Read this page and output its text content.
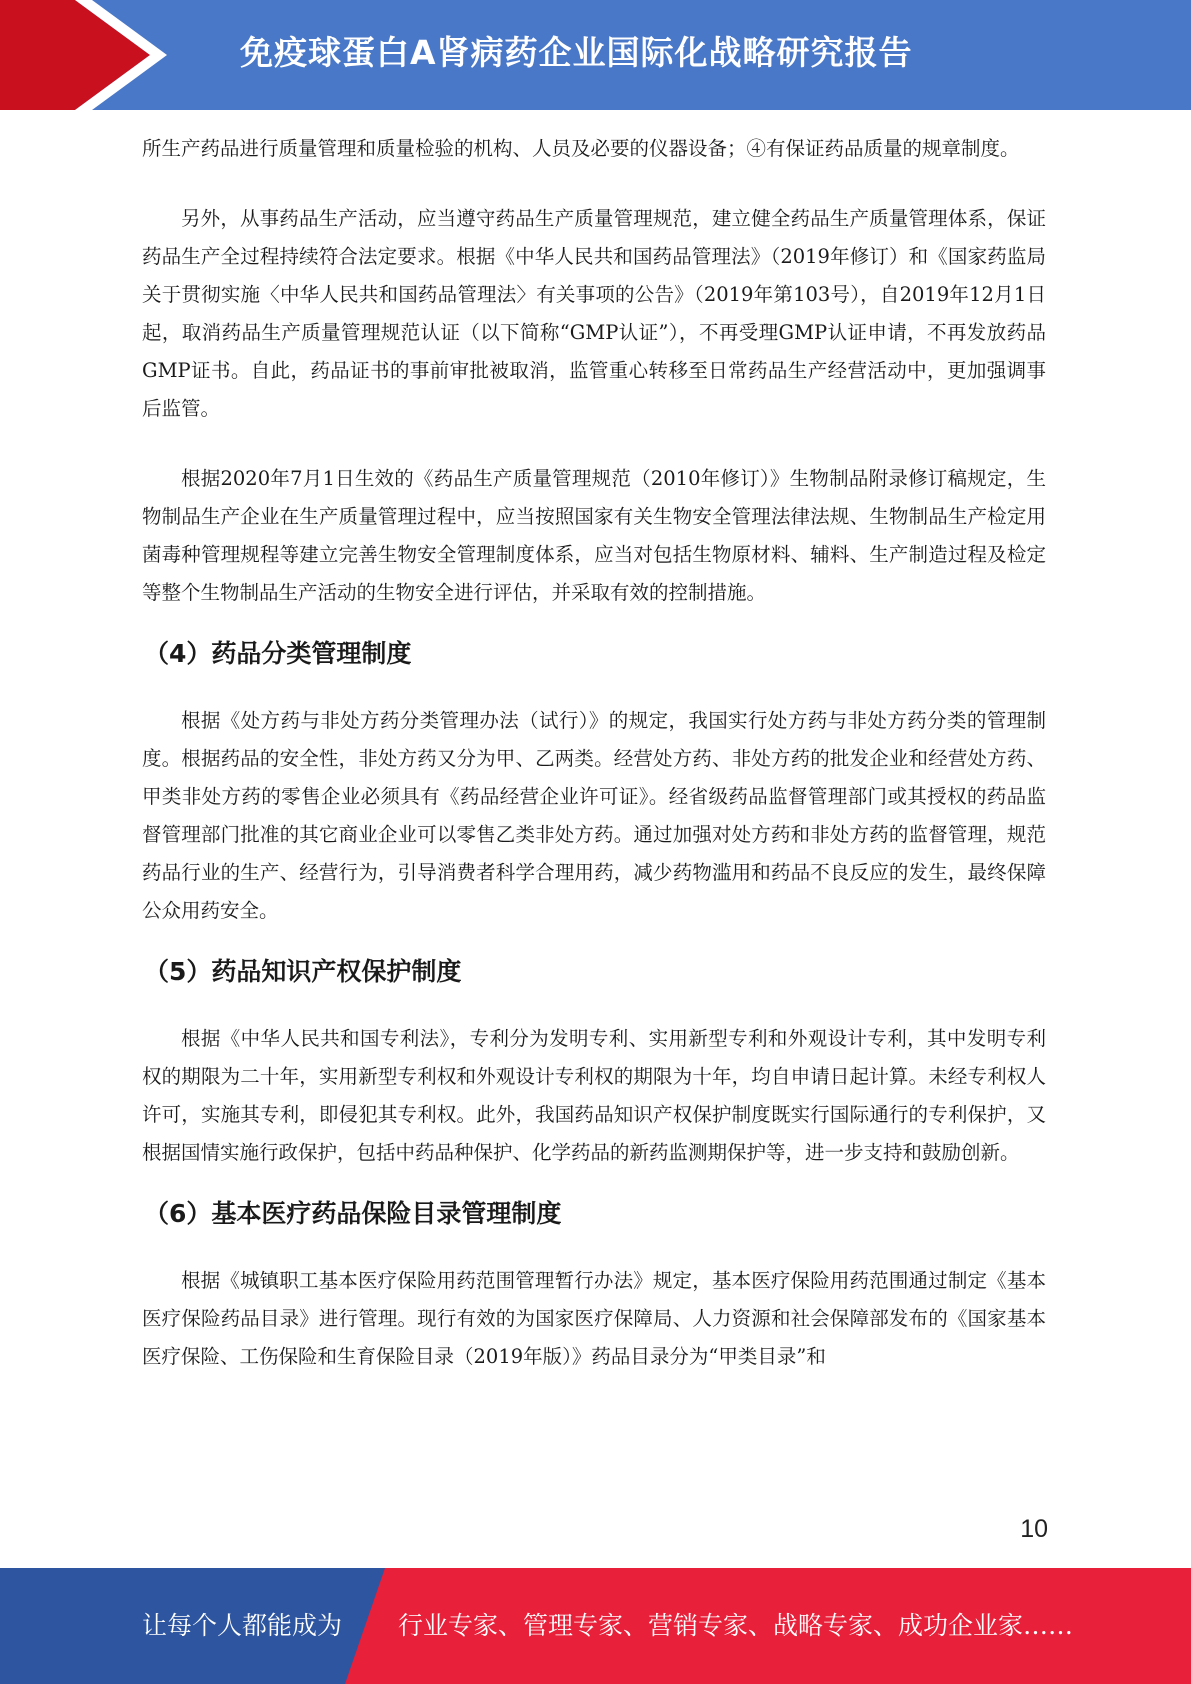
免疫球蛋白A肾病药企业国际化战略研究报告

所生产药品进行质量管理和质量检验的机构、人员及必要的仪器设备；④有保证药品质量的规章制度。

另外，从事药品生产活动，应当遵守药品生产质量管理规范，建立健全药品生产质量管理体系，保证药品生产全过程持续符合法定要求。根据《中华人民共和国药品管理法》（2019年修订）和《国家药监局关于贯彻实施〈中华人民共和国药品管理法〉有关事项的公告》（2019年第103号），自2019年12月1日起，取消药品生产质量管理规范认证（以下简称“GMP认证”），不再受理GMP认证申请，不再发放药品GMP证书。自此，药品证书的事前审批被取消，监管重心转移至日常药品生产经营活动中，更加强调事后监管。

根据2020年7月1日生效的《药品生产质量管理规范（2010年修订）》生物制品附录修订稿规定，生物制品生产企业在生产质量管理过程中，应当按照国家有关生物安全管理法律法规、生物制品生产检定用菌毒种管理规程等建立完善生物安全管理制度体系，应当对包括生物原材料、辅料、生产制造过程及检定等整个生物制品生产活动的生物安全进行评估，并采取有效的控制措施。

（4）药品分类管理制度

根据《处方药与非处方药分类管理办法（试行）》的规定，我国实行处方药与非处方药分类的管理制度。根据药品的安全性，非处方药又分为甲、乙两类。经营处方药、非处方药的批发企业和经营处方药、甲类非处方药的零售企业必须具有《药品经营企业许可证》。经省级药品监督管理部门或其授权的药品监督管理部门批准的其它商业企业可以零售乙类非处方药。通过加强对处方药和非处方药的监督管理，规范药品行业的生产、经营行为，引导消费者科学合理用药，减少药物滥用和药品不良反应的发生，最终保障公众用药安全。

（5）药品知识产权保护制度

根据《中华人民共和国专利法》，专利分为发明专利、实用新型专利和外观设计专利，其中发明专利权的期限为二十年，实用新型专利权和外观设计专利权的期限为十年，均自申请日起计算。未经专利权人许可，实施其专利，即侵犯其专利权。此外，我国药品知识产权保护制度既实行国际通行的专利保护，又根据国情实施行政保护，包括中药品种保护、化学药品的新药监测期保护等，进一步支持和鼓励创新。

（6）基本医疗药品保险目录管理制度

根据《城镇职工基本医疗保险用药范围管理暂行办法》规定，基本医疗保险用药范围通过制定《基本医疗保险药品目录》进行管理。现行有效的为国家医疗保障局、人力资源和社会保障部发布的《国家基本医疗保险、工伤保险和生育保险目录（2019年版）》药品目录分为“甲类目录”和

10
让每个人都能成为 行业专家、管理专家、营销专家、战略专家、成功企业家……
